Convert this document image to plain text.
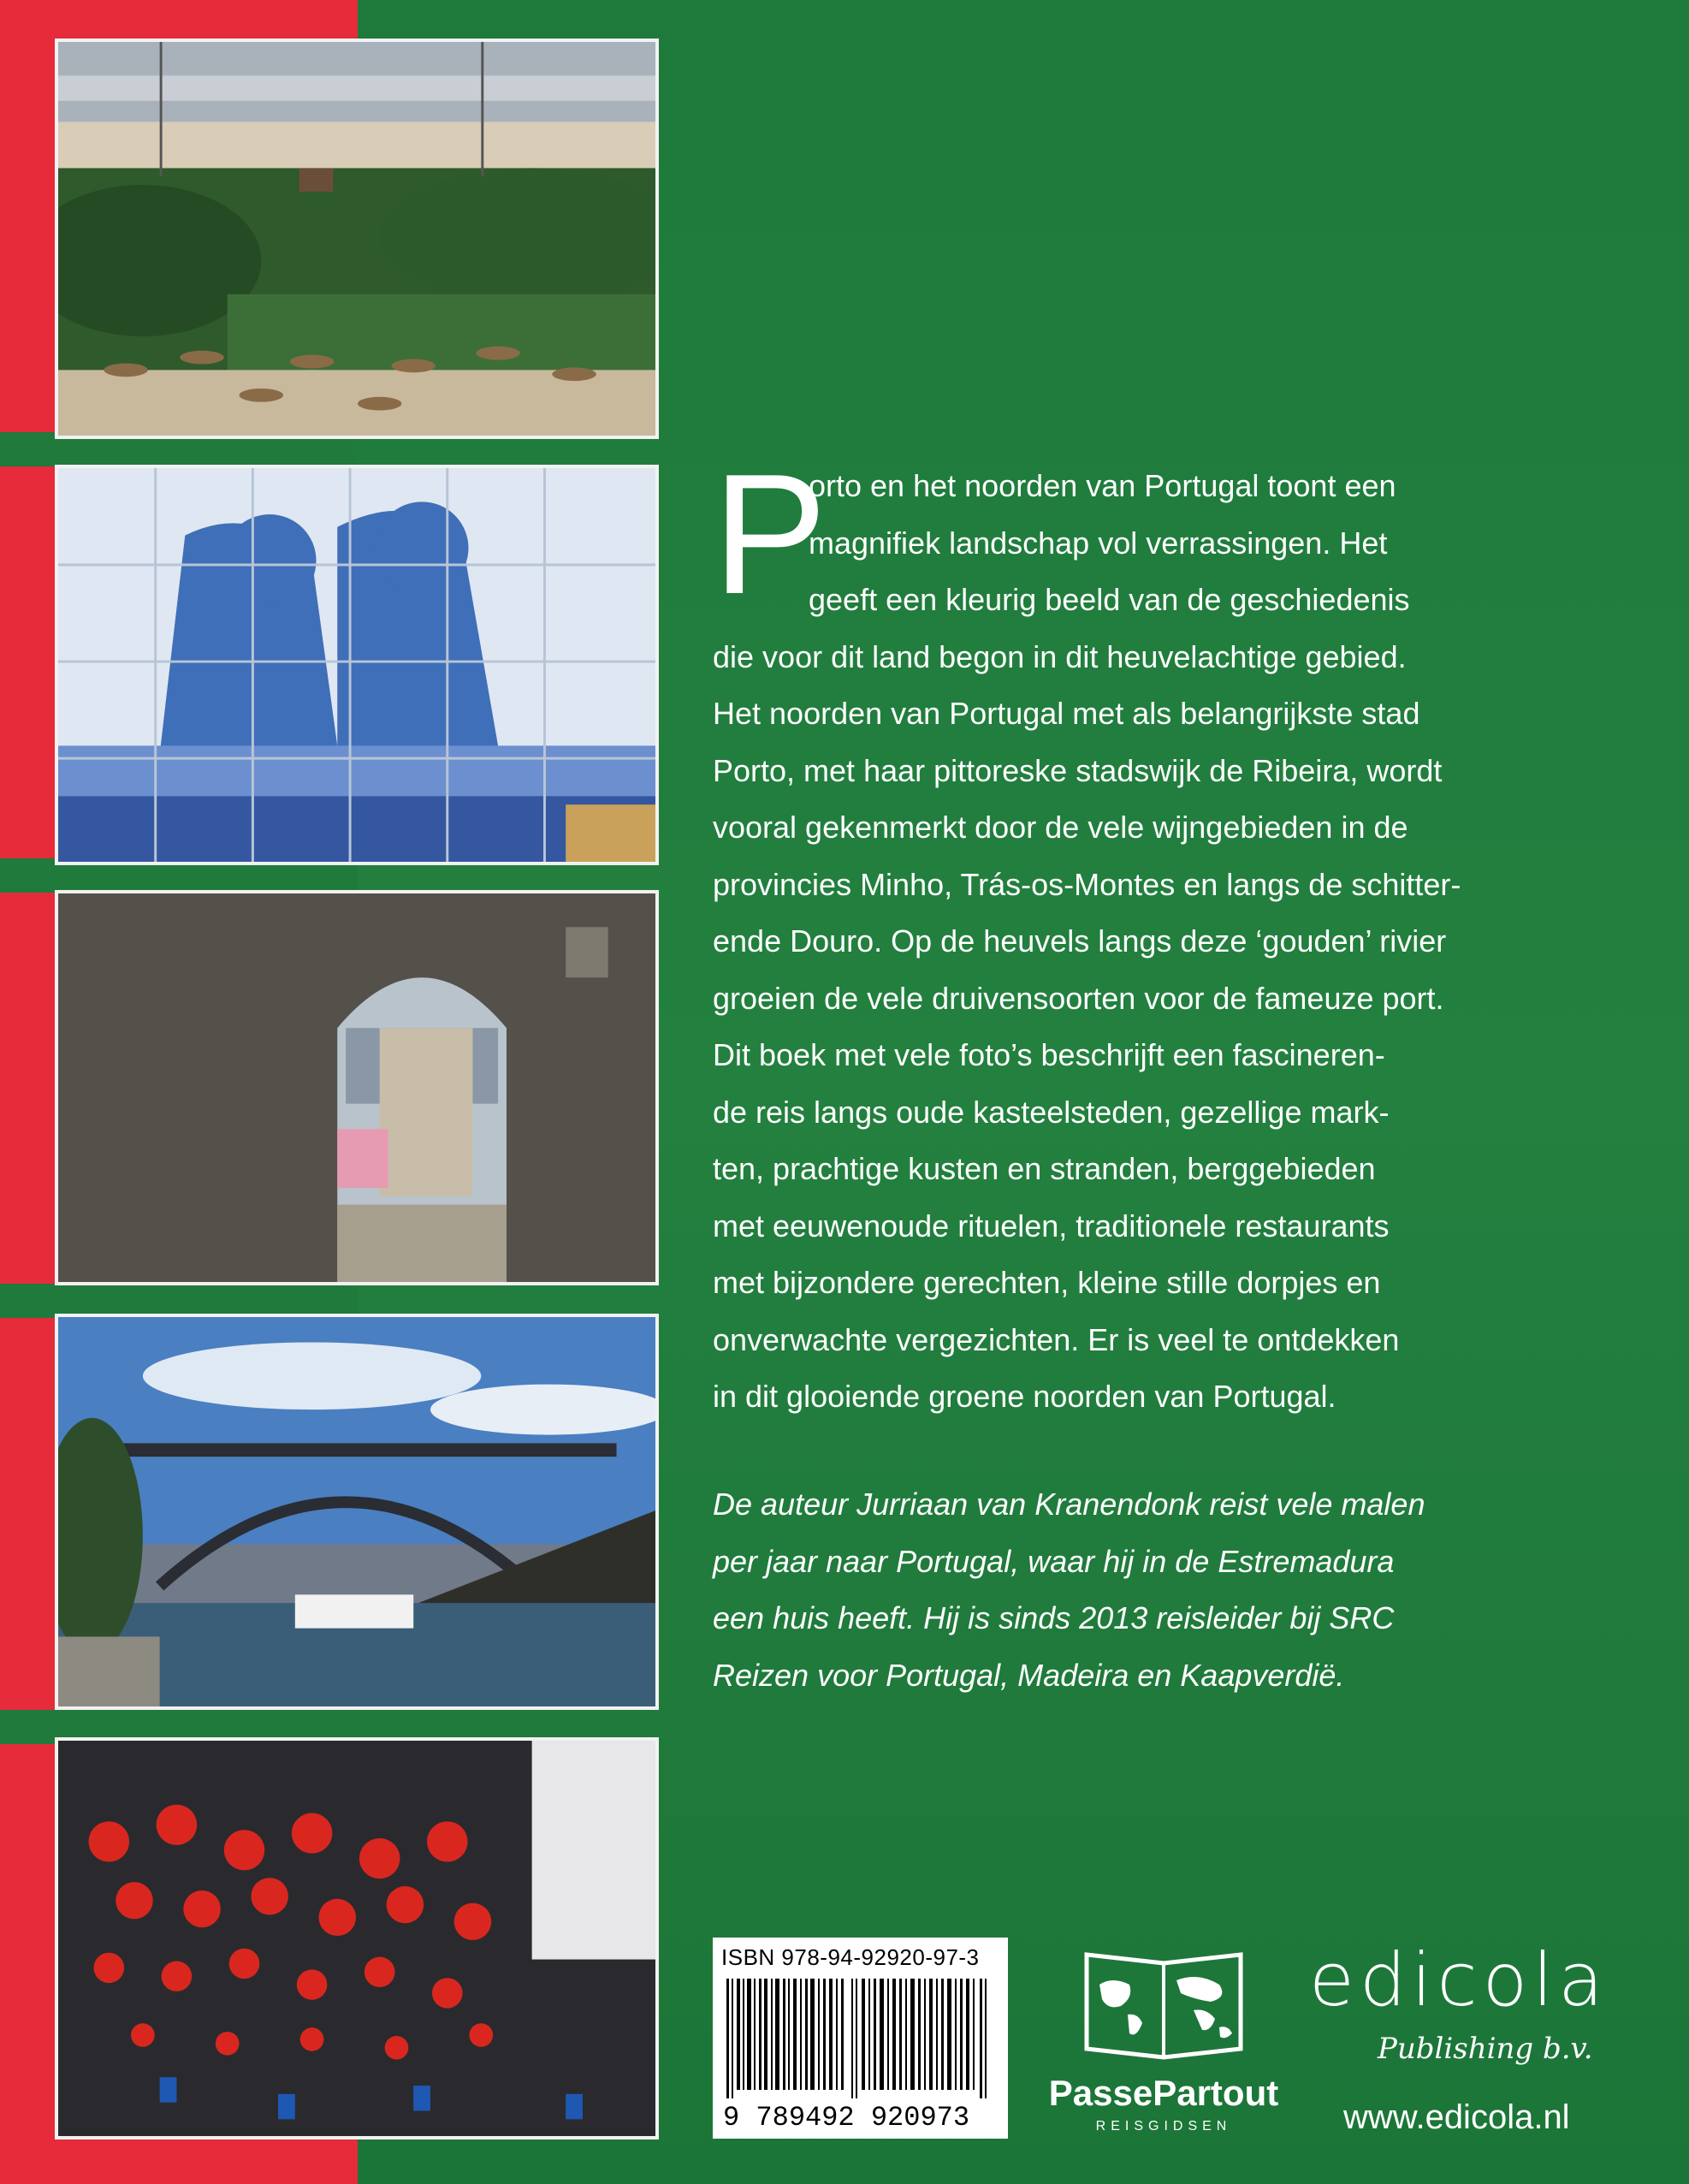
P

orto en het noorden van Portugal toont een
magnifiek landschap vol verrassingen. Het
geeft een kleurig beeld van de geschiedenis
die voor dit land begon in dit heuvelachtige gebied.
Het noorden van Portugal met als belangrijkste stad
Porto, met haar pittoreske stadswijk de Ribeira, wordt
vooral gekenmerkt door de vele wijngebieden in de
provincies Minho, Trás-os-Montes en langs de schitter-
ende Douro. Op de heuvels langs deze ‘gouden’ rivier
groeien de vele druivensoorten voor de fameuze port.
Dit boek met vele foto’s beschrijft een fascineren-
de reis langs oude kasteelsteden, gezellige mark-
ten, prachtige kusten en stranden, berggebieden
met eeuwenoude rituelen, traditionele restaurants
met bijzondere gerechten, kleine stille dorpjes en
onverwachte vergezichten. Er is veel te ontdekken
in dit glooiende groene noorden van Portugal.

De auteur Jurriaan van Kranendonk reist vele malen
per jaar naar Portugal, waar hij in de Estremadura
een huis heeft. Hij is sinds 2013 reisleider bij SRC
Reizen voor Portugal, Madeira en Kaapverdië.
ISBN 978-94-92920-97-3
9 789492 920973
PassePartout
REISGIDSEN
edicola
Publishing b.v.
www.edicola.nl
